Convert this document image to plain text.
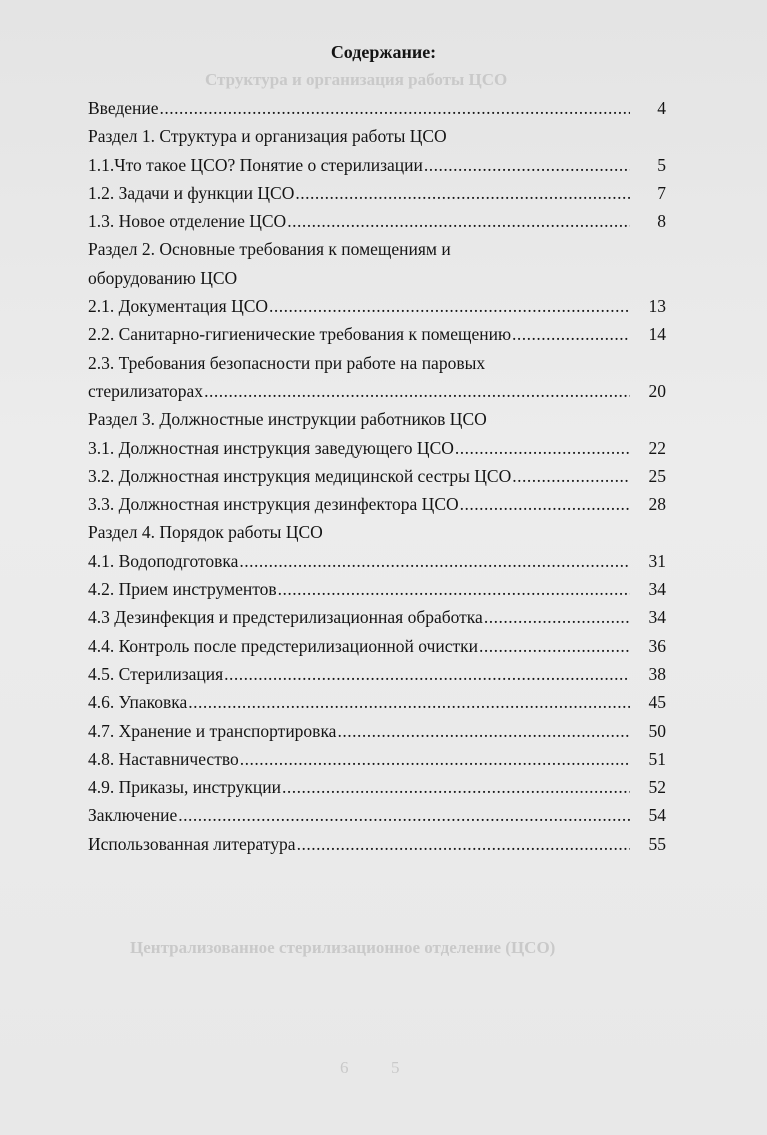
Структура и организация работы ЦСО
Централизованное стерилизационное отделение (ЦСО)
6          5
Содержание:
Введение .....	4
Раздел 1. Структура и организация работы ЦСО
1.1.Что такое ЦСО? Понятие о стерилизации .....	5
1.2. Задачи и функции ЦСО .....	7
1.3. Новое отделение ЦСО .....	8
Раздел 2. Основные требования к помещениям и
оборудованию ЦСО
2.1. Документация ЦСО .....	13
2.2. Санитарно-гигиенические требования к помещению .....	14
2.3. Требования безопасности при работе на паровых
стерилизаторах .....	20
Раздел 3. Должностные инструкции работников ЦСО
3.1. Должностная инструкция заведующего ЦСО .....	22
3.2. Должностная инструкция медицинской сестры ЦСО .....	25
3.3. Должностная инструкция дезинфектора ЦСО .....	28
Раздел 4. Порядок работы ЦСО
4.1. Водоподготовка .....	31
4.2. Прием инструментов .....	34
4.3 Дезинфекция и предстерилизационная обработка .....	34
4.4. Контроль после предстерилизационной очистки .....	36
4.5. Стерилизация .....	38
4.6. Упаковка .....	45
4.7. Хранение и транспортировка .....	50
4.8. Наставничество .....	51
4.9. Приказы, инструкции .....	52
Заключение .....	54
Использованная литература .....	55
